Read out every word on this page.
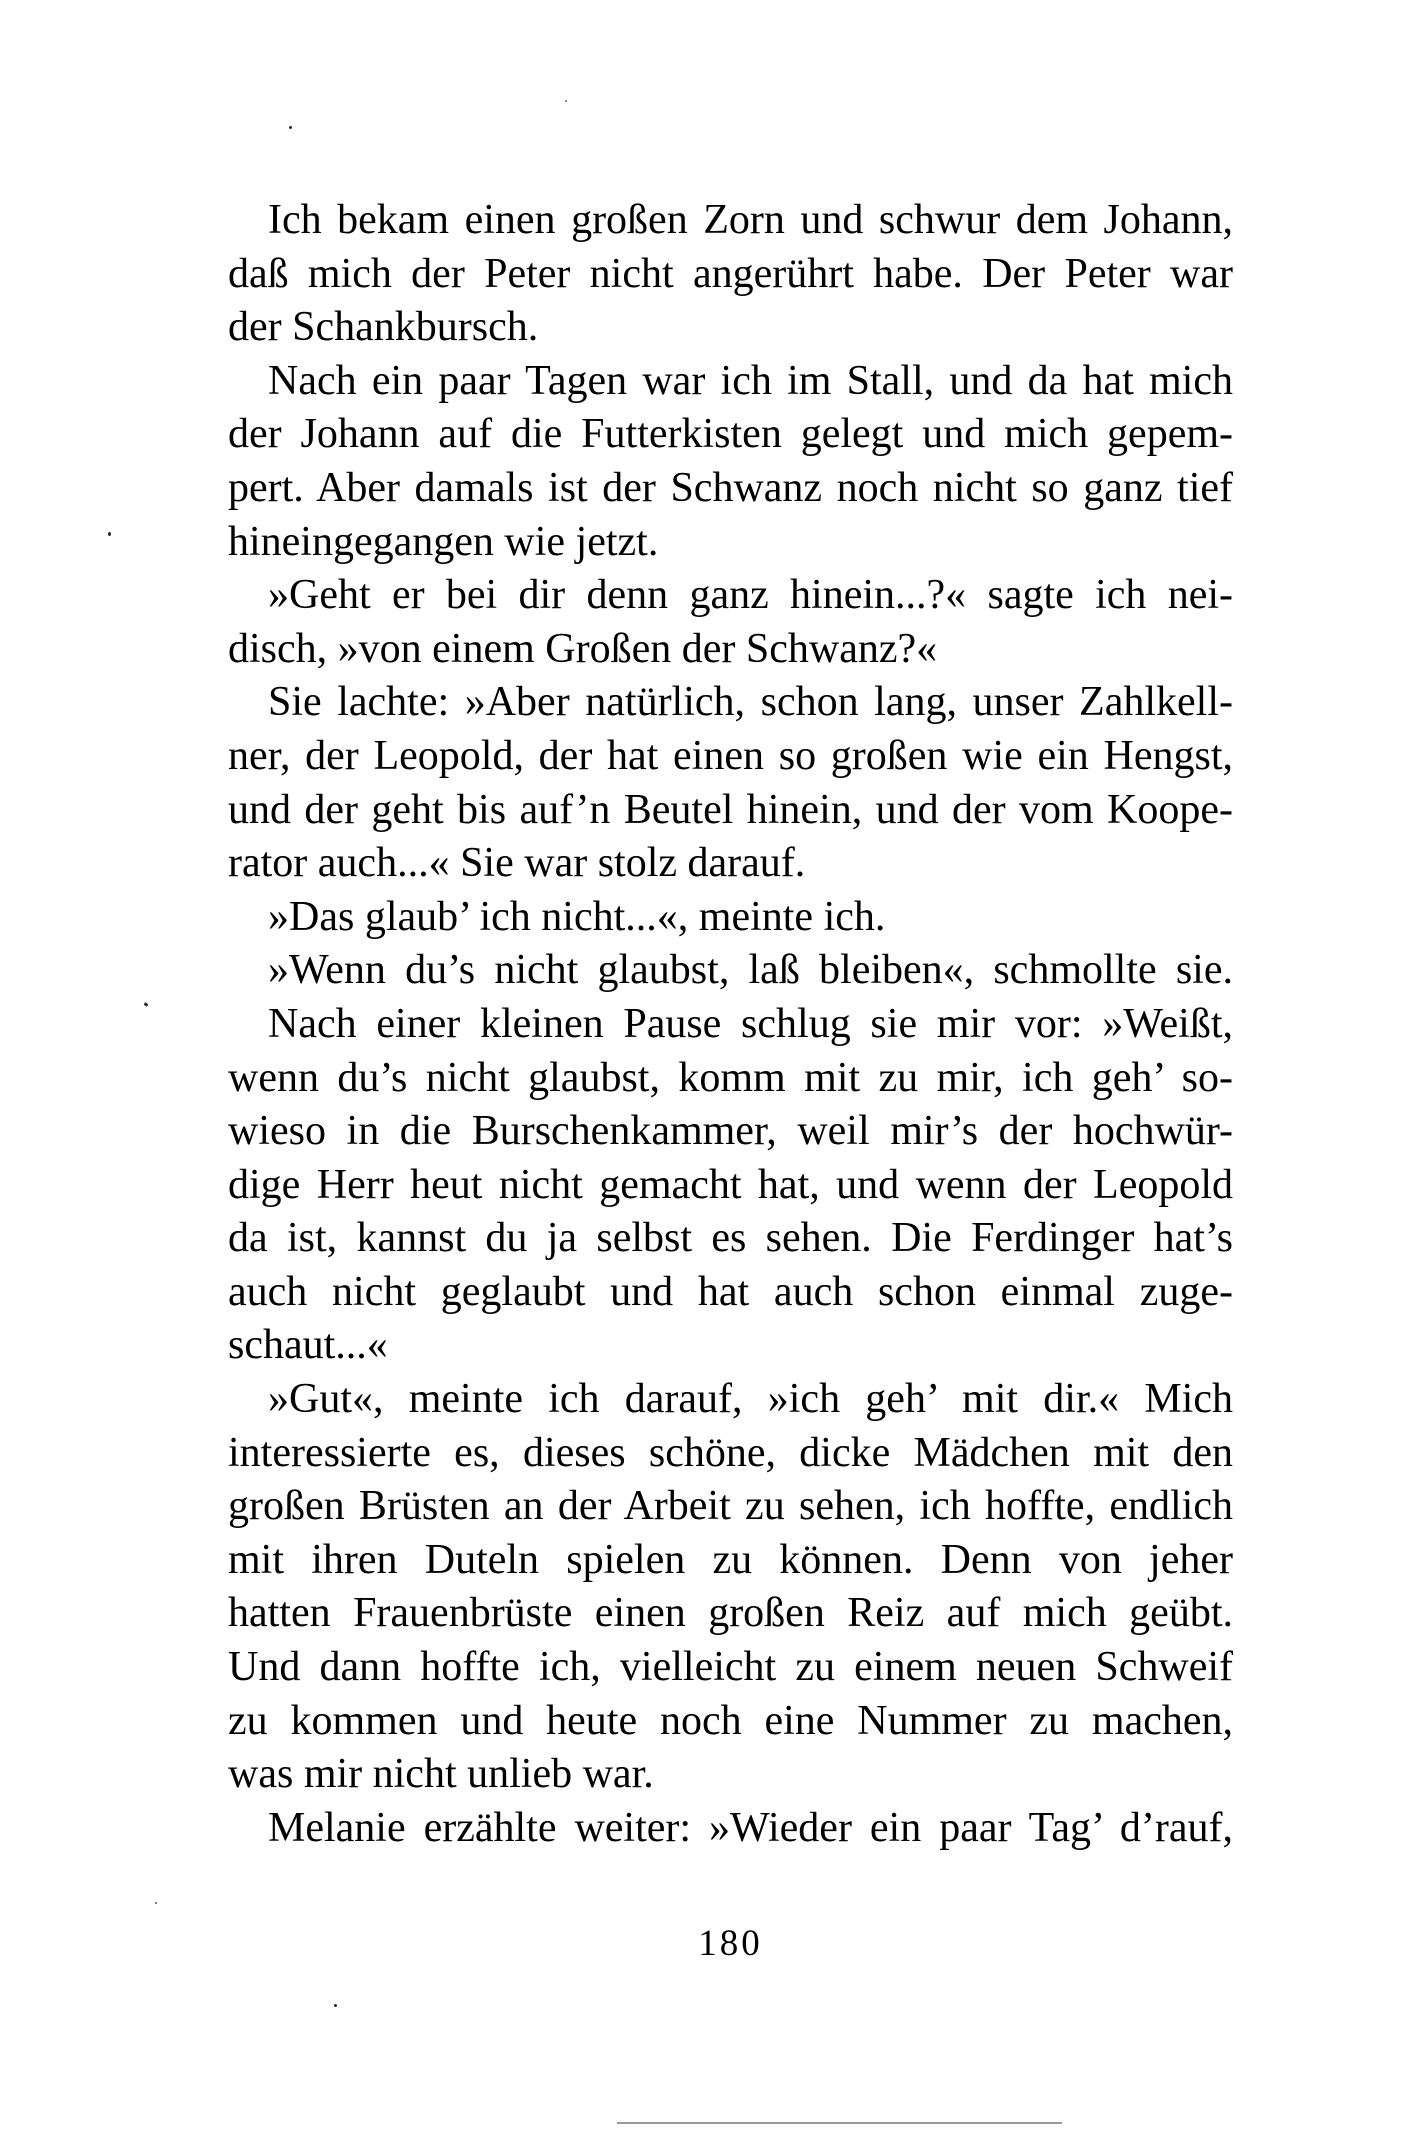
Ich bekam einen großen Zorn und schwur dem Johann,
daß mich der Peter nicht angerührt habe. Der Peter war
der Schankbursch.
Nach ein paar Tagen war ich im Stall, und da hat mich
der Johann auf die Futterkisten gelegt und mich gepem-
pert. Aber damals ist der Schwanz noch nicht so ganz tief
hineingegangen wie jetzt.
»Geht er bei dir denn ganz hinein...?« sagte ich nei-
disch, »von einem Großen der Schwanz?«
Sie lachte: »Aber natürlich, schon lang, unser Zahlkell-
ner, der Leopold, der hat einen so großen wie ein Hengst,
und der geht bis auf’n Beutel hinein, und der vom Koope-
rator auch...« Sie war stolz darauf.
»Das glaub’ ich nicht...«, meinte ich.
»Wenn du’s nicht glaubst, laß bleiben«, schmollte sie.
Nach einer kleinen Pause schlug sie mir vor: »Weißt,
wenn du’s nicht glaubst, komm mit zu mir, ich geh’ so-
wieso in die Burschenkammer, weil mir’s der hochwür-
dige Herr heut nicht gemacht hat, und wenn der Leopold
da ist, kannst du ja selbst es sehen. Die Ferdinger hat’s
auch nicht geglaubt und hat auch schon einmal zuge-
schaut...«
»Gut«, meinte ich darauf, »ich geh’ mit dir.« Mich
interessierte es, dieses schöne, dicke Mädchen mit den
großen Brüsten an der Arbeit zu sehen, ich hoffte, endlich
mit ihren Duteln spielen zu können. Denn von jeher
hatten Frauenbrüste einen großen Reiz auf mich geübt.
Und dann hoffte ich, vielleicht zu einem neuen Schweif
zu kommen und heute noch eine Nummer zu machen,
was mir nicht unlieb war.
Melanie erzählte weiter: »Wieder ein paar Tag’ d’rauf,
180
